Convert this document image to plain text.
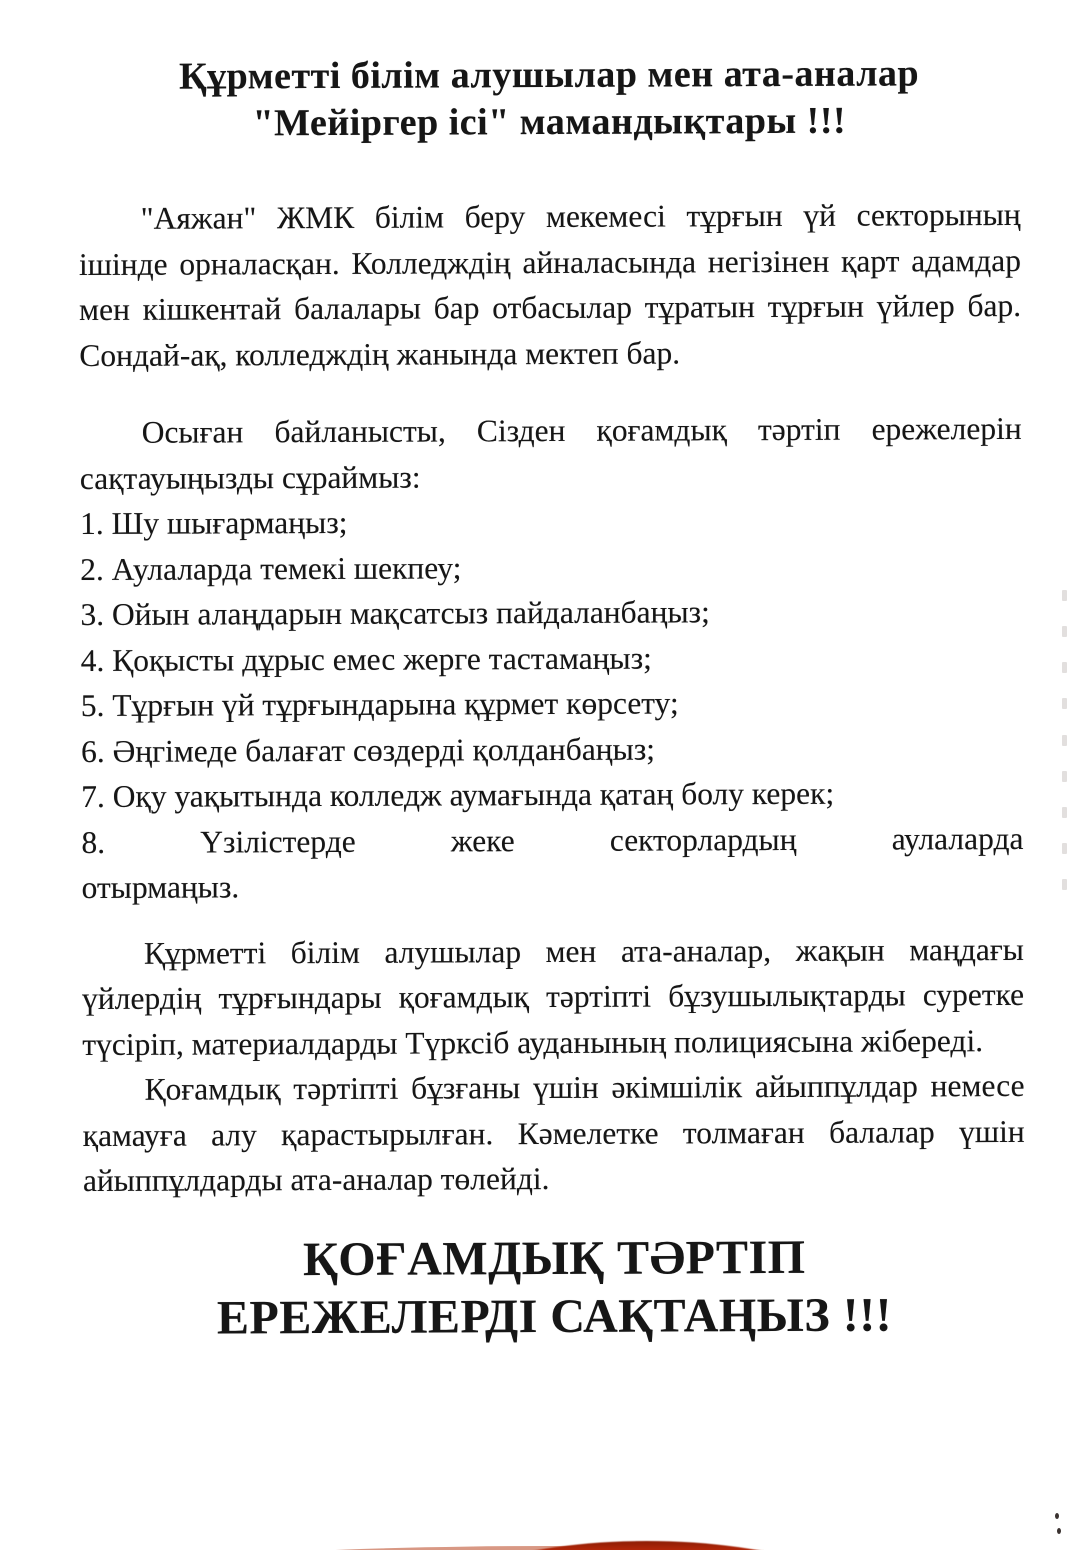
Құрметті білім алушылар мен ата-аналар
"Мейіргер ісі" мамандықтары !!!

"Аяжан" ЖМК білім беру мекемесі тұрғын үй секторының ішінде орналасқан. Колледждің айналасында негізінен қарт адамдар мен кішкентай балалары бар отбасылар тұратын тұрғын үйлер бар. Сондай-ақ, колледждің жанында мектеп бар.

Осыған байланысты, Сізден қоғамдық тәртіп ережелерін сақтауыңызды сұраймыз:

1. Шу шығармаңыз;
2. Аулаларда темекі шекпеу;
3. Ойын алаңдарын мақсатсыз пайдаланбаңыз;
4. Қоқысты дұрыс емес жерге тастамаңыз;
5. Тұрғын үй тұрғындарына құрмет көрсету;
6. Әңгімеде балағат сөздерді қолданбаңыз;
7. Оқу уақытында колледж аумағында қатаң болу керек;
8. Үзілістерде жеке секторлардың аулаларда отырмаңыз.

Құрметті білім алушылар мен ата-аналар, жақын маңдағы үйлердің тұрғындары қоғамдық тәртіпті бұзушылықтарды суретке түсіріп, материалдарды Түрксіб ауданының полициясына жібереді.

Қоғамдық тәртіпті бұзғаны үшін әкімшілік айыппұлдар немесе қамауға алу қарастырылған. Кәмелетке толмаған балалар үшін айыппұлдарды ата-аналар төлейді.

ҚОҒАМДЫҚ ТӘРТІП
ЕРЕЖЕЛЕРДІ САҚТАҢЫЗ !!!
